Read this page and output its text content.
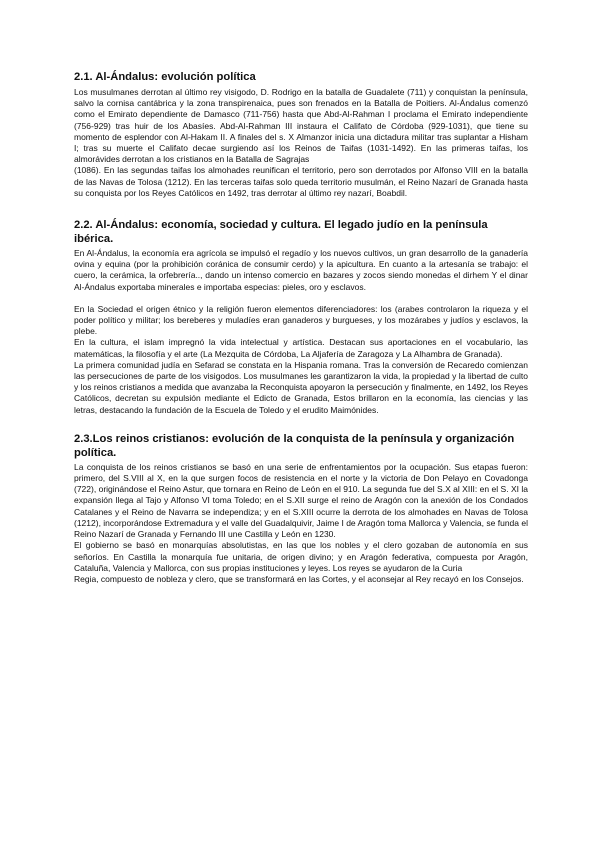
2.1. Al-Ándalus: evolución política

Los musulmanes derrotan al último rey visigodo, D. Rodrigo en la batalla de Guadalete (711) y conquistan la península, salvo la cornisa cantábrica y la zona transpirenaica, pues son frenados en la Batalla de Poitiers. Al-Ándalus comenzó como el Emirato dependiente de Damasco (711-756) hasta que Abd-Al-Rahman I proclama el Emirato independiente (756-929) tras huir de los Abasíes. Abd-Al-Rahman III instaura el Califato de Córdoba (929-1031), que tiene su momento de esplendor con Al-Hakam II. A finales del s. X Almanzor inicia una dictadura militar tras suplantar a Hisham I; tras su muerte el Califato decae surgiendo así los Reinos de Taifas (1031-1492). En las primeras taifas, los almorávides derrotan a los cristianos en la Batalla de Sagrajas

(1086). En las segundas taifas los almohades reunifican el territorio, pero son derrotados por Alfonso VIII en la batalla de las Navas de Tolosa (1212). En las terceras taifas solo queda territorio musulmán, el Reino Nazarí de Granada hasta su conquista por los Reyes Católicos en 1492, tras derrotar al último rey nazarí, Boabdil.

2.2. Al-Ándalus: economía, sociedad y cultura. El legado judío en la península ibérica.

En Al-Ándalus, la economía era agrícola se impulsó el regadío y los nuevos cultivos, un gran desarrollo de la ganadería ovina y equina (por la prohibición coránica de consumir cerdo) y la apicultura. En cuanto a la artesanía se trabajo: el cuero, la cerámica, la orfebrería.., dando un intenso comercio en bazares y zocos siendo monedas el dirhem Y el dinar Al-Ándalus exportaba minerales e importaba especias: pieles, oro y esclavos.

En la Sociedad el origen étnico y la religión fueron elementos diferenciadores: los (arabes controlaron la riqueza y el poder político y militar; los bereberes y muladíes eran ganaderos y burgueses, y los mozárabes y judíos y esclavos, la plebe.

En la cultura, el islam impregnó la vida intelectual y artística. Destacan sus aportaciones en el vocabulario, las matemáticas, la filosofía y el arte (La Mezquita de Córdoba, La Aljafería de Zaragoza y La Alhambra de Granada).

La primera comunidad judía en Sefarad se constata en la Hispania romana. Tras la conversión de Recaredo comienzan las persecuciones de parte de los visigodos. Los musulmanes les garantizaron la vida, la propiedad y la libertad de culto y los reinos cristianos a medida que avanzaba la Reconquista apoyaron la persecución y finalmente, en 1492, los Reyes Católicos, decretan su expulsión mediante el Edicto de Granada, Estos brillaron en la economía, las ciencias y las letras, destacando la fundación de la Escuela de Toledo y el erudito Maimónides.

2.3.Los reinos cristianos: evolución de la conquista de la península y organización política.

La conquista de los reinos cristianos se basó en una serie de enfrentamientos por la ocupación. Sus etapas fueron: primero, del S.VIII al X, en la que surgen focos de resistencia en el norte y la victoria de Don Pelayo en Covadonga (722), originándose el Reino Astur, que tornara en Reino de León en el 910. La segunda fue del S.X al XIII: en el S. XI la expansión llega al Tajo y Alfonso VI toma Toledo; en el S.XII surge el reino de Aragón con la anexión de los Condados Catalanes y el Reino de Navarra se independiza; y en el S.XIII ocurre la derrota de los almohades en Navas de Tolosa (1212), incorporándose Extremadura y el valle del Guadalquivir, Jaime I de Aragón toma Mallorca y Valencia, se funda el Reino Nazarí de Granada y Fernando III une Castilla y León en 1230.

El gobierno se basó en monarquías absolutistas, en las que los nobles y el clero gozaban de autonomía en sus señoríos. En Castilla la monarquía fue unitaria, de origen divino; y en Aragón federativa, compuesta por Aragón, Cataluña, Valencia y Mallorca, con sus propias instituciones y leyes. Los reyes se ayudaron de la Curia

Regia, compuesto de nobleza y clero, que se transformará en las Cortes, y el aconsejar al Rey recayó en los Consejos.
